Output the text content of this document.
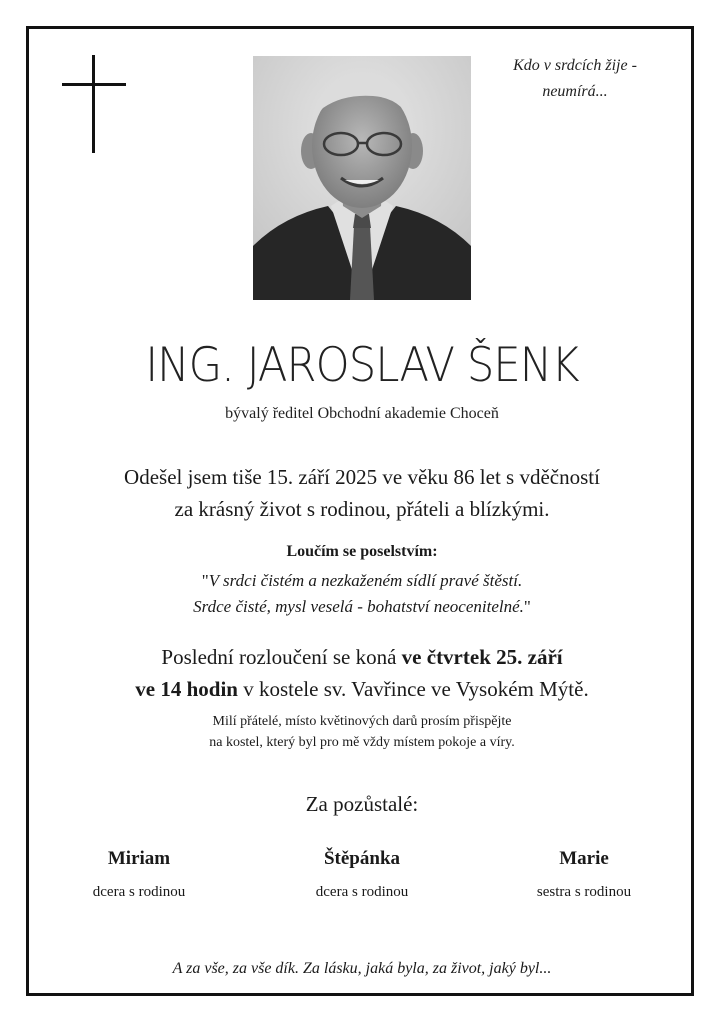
Kdo v srdcích žije -
neumírá...
ING. JAROSLAV ŠENK
bývalý ředitel Obchodní akademie Choceň
Odešel jsem tiše 15. září 2025 ve věku 86 let s vděčností
za krásný život s rodinou, přáteli a blízkými.
Loučím se poselstvím:
"V srdci čistém a nezkaženém sídlí pravé štěstí.
Srdce čisté, mysl veselá - bohatství neocenitelné."
Poslední rozloučení se koná ve čtvrtek 25. září
ve 14 hodin v kostele sv. Vavřince ve Vysokém Mýtě.
Milí přátelé, místo květinových darů prosím přispějte
na kostel, který byl pro mě vždy místem pokoje a víry.
Za pozůstalé:
Miriam
dcera s rodinou
Štěpánka
dcera s rodinou
Marie
sestra s rodinou
A za vše, za vše dík. Za lásku, jaká byla, za život, jaký byl...
